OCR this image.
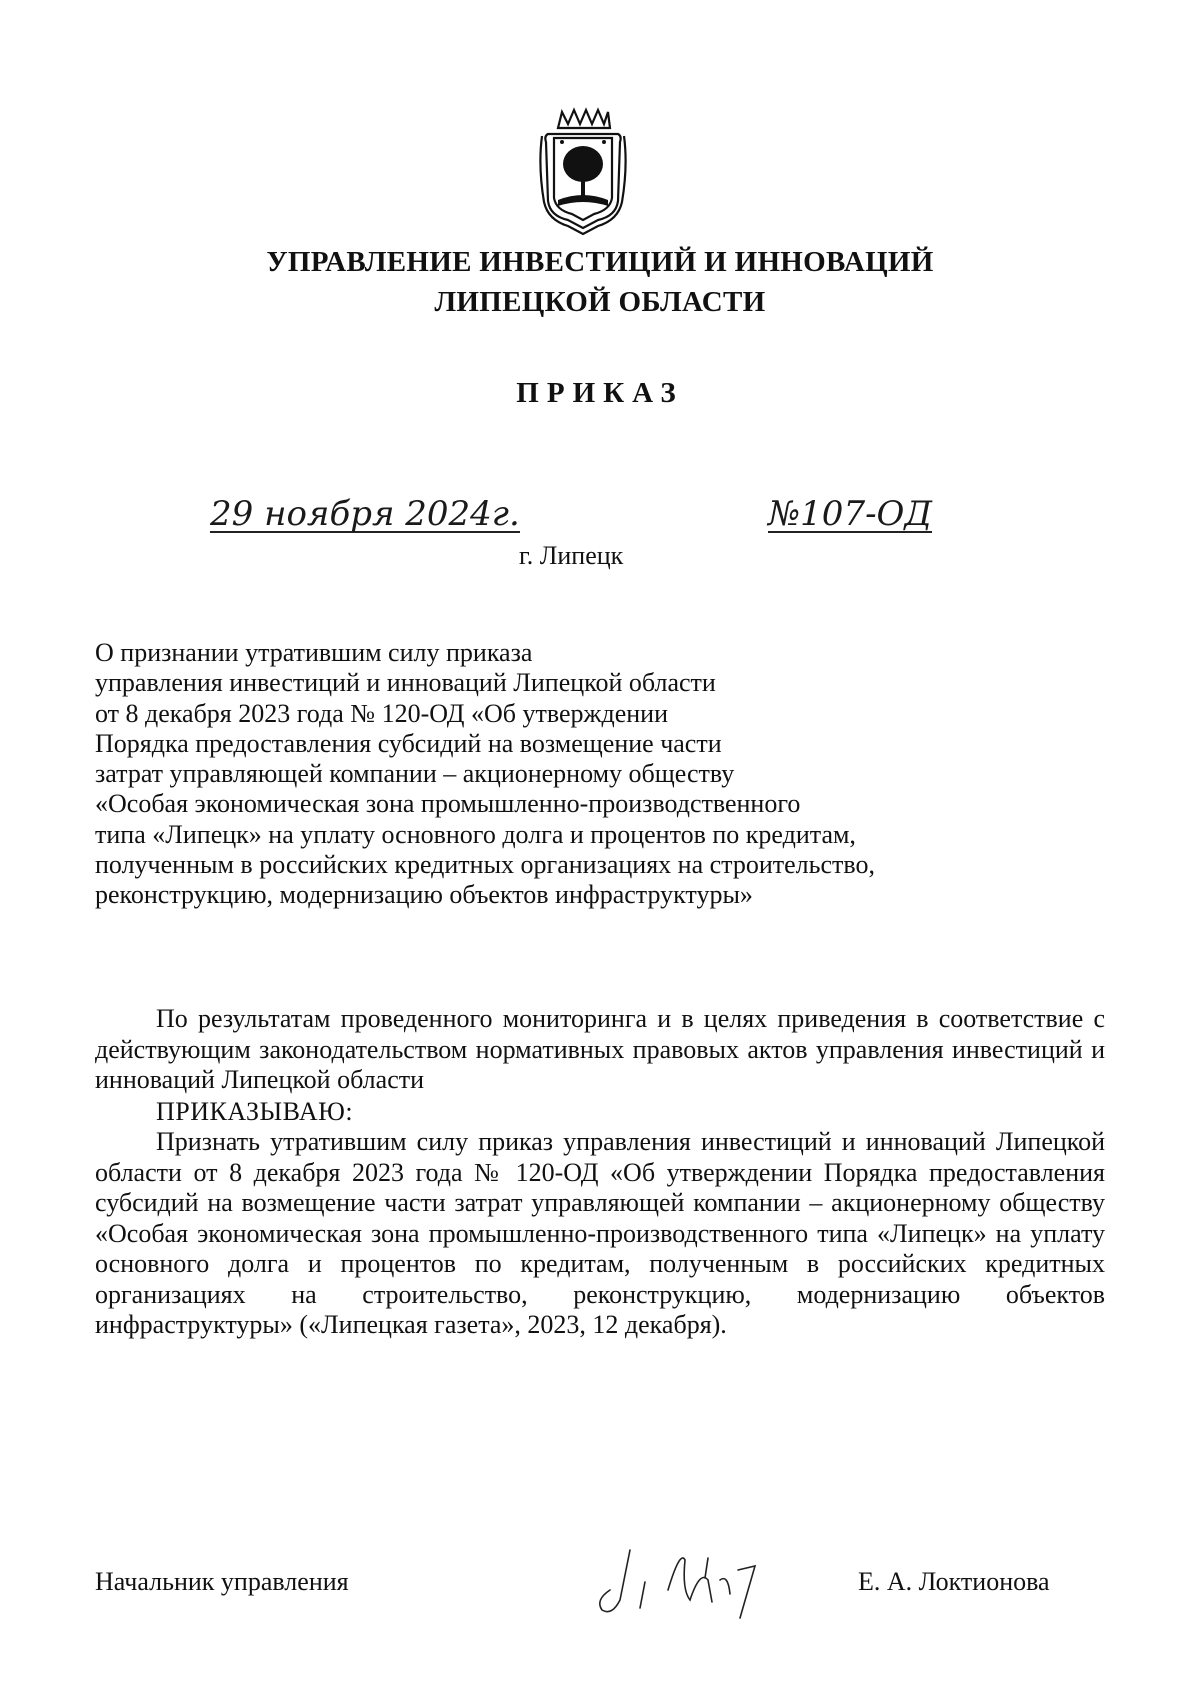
УПРАВЛЕНИЕ ИНВЕСТИЦИЙ И ИННОВАЦИЙ
ЛИПЕЦКОЙ ОБЛАСТИ
ПРИКАЗ
29 ноября 2024г.	№107-ОД
г. Липецк
О признании утратившим силу приказа
управления инвестиций и инноваций Липецкой области
от 8 декабря 2023 года № 120-ОД «Об утверждении
Порядка предоставления субсидий на возмещение части
затрат управляющей компании – акционерному обществу
«Особая экономическая зона промышленно-производственного
типа «Липецк» на уплату основного долга и процентов по кредитам,
полученным в российских кредитных организациях на строительство,
реконструкцию, модернизацию объектов инфраструктуры»
По результатам проведенного мониторинга и в целях приведения в соответствие с действующим законодательством нормативных правовых актов управления инвестиций и инноваций Липецкой области
ПРИКАЗЫВАЮ:
Признать утратившим силу приказ управления инвестиций и инноваций Липецкой области от 8 декабря 2023 года № 120-ОД «Об утверждении Порядка предоставления субсидий на возмещение части затрат управляющей компании – акционерному обществу «Особая экономическая зона промышленно-производственного типа «Липецк» на уплату основного долга и процентов по кредитам, полученным в российских кредитных организациях на строительство, реконструкцию, модернизацию объектов инфраструктуры» («Липецкая газета», 2023, 12 декабря).
Начальник управления	Е. А. Локтионова
